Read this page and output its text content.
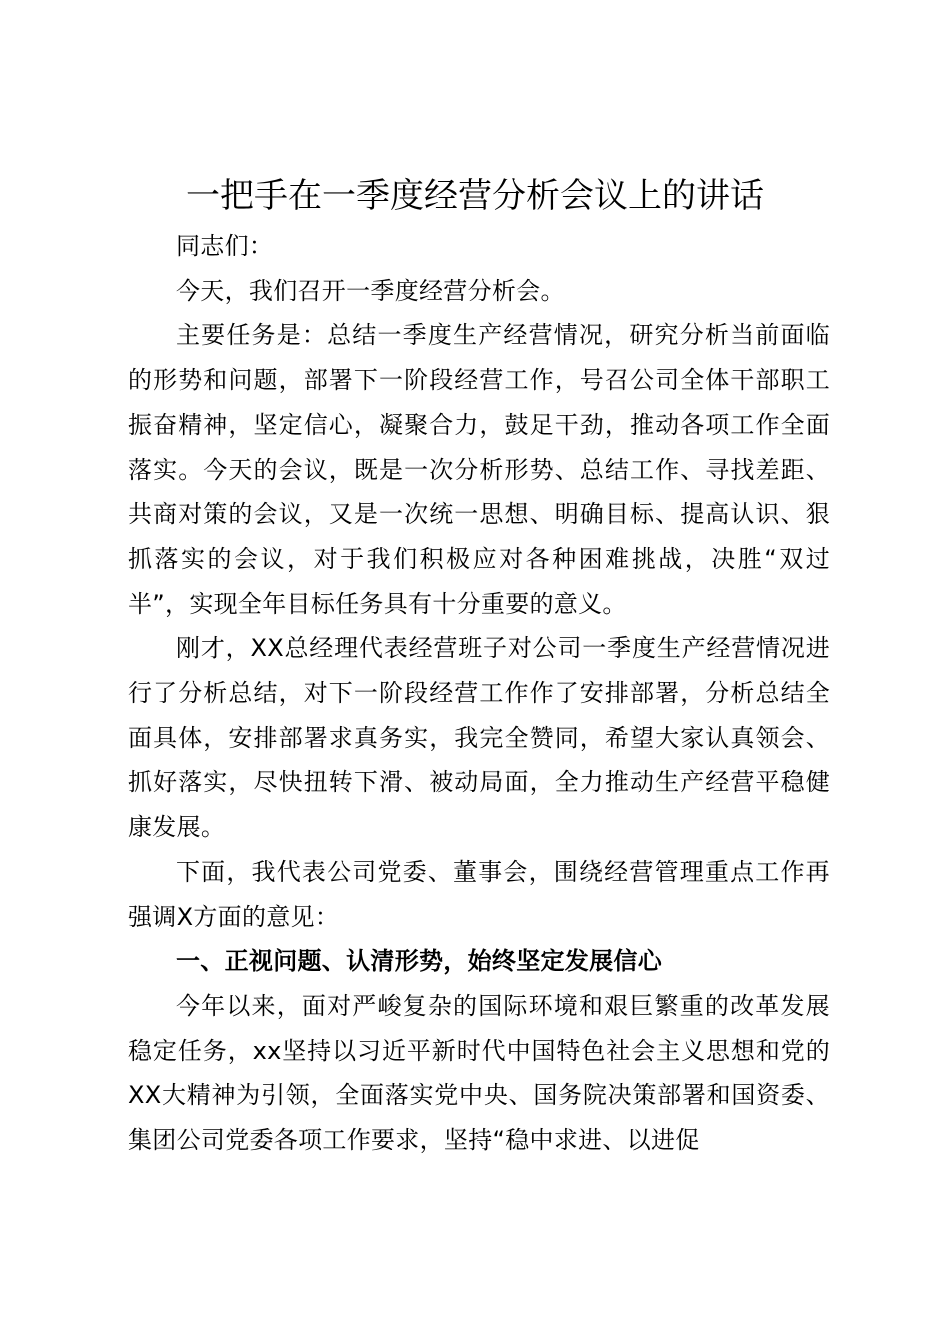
一把手在一季度经营分析会议上的讲话

同志们：

今天，我们召开一季度经营分析会。

主要任务是：总结一季度生产经营情况，研究分析当前面临的形势和问题，部署下一阶段经营工作，号召公司全体干部职工振奋精神，坚定信心，凝聚合力，鼓足干劲，推动各项工作全面落实。今天的会议，既是一次分析形势、总结工作、寻找差距、共商对策的会议，又是一次统一思想、明确目标、提高认识、狠抓落实的会议，对于我们积极应对各种困难挑战，决胜“双过半”，实现全年目标任务具有十分重要的意义。

刚才，XX总经理代表经营班子对公司一季度生产经营情况进行了分析总结，对下一阶段经营工作作了安排部署，分析总结全面具体，安排部署求真务实，我完全赞同，希望大家认真领会、抓好落实，尽快扭转下滑、被动局面，全力推动生产经营平稳健康发展。

下面，我代表公司党委、董事会，围绕经营管理重点工作再强调X方面的意见：

一、正视问题、认清形势，始终坚定发展信心

今年以来，面对严峻复杂的国际环境和艰巨繁重的改革发展稳定任务，xx坚持以习近平新时代中国特色社会主义思想和党的XX大精神为引领，全面落实党中央、国务院决策部署和国资委、集团公司党委各项工作要求，坚持“稳中求进、以进促
